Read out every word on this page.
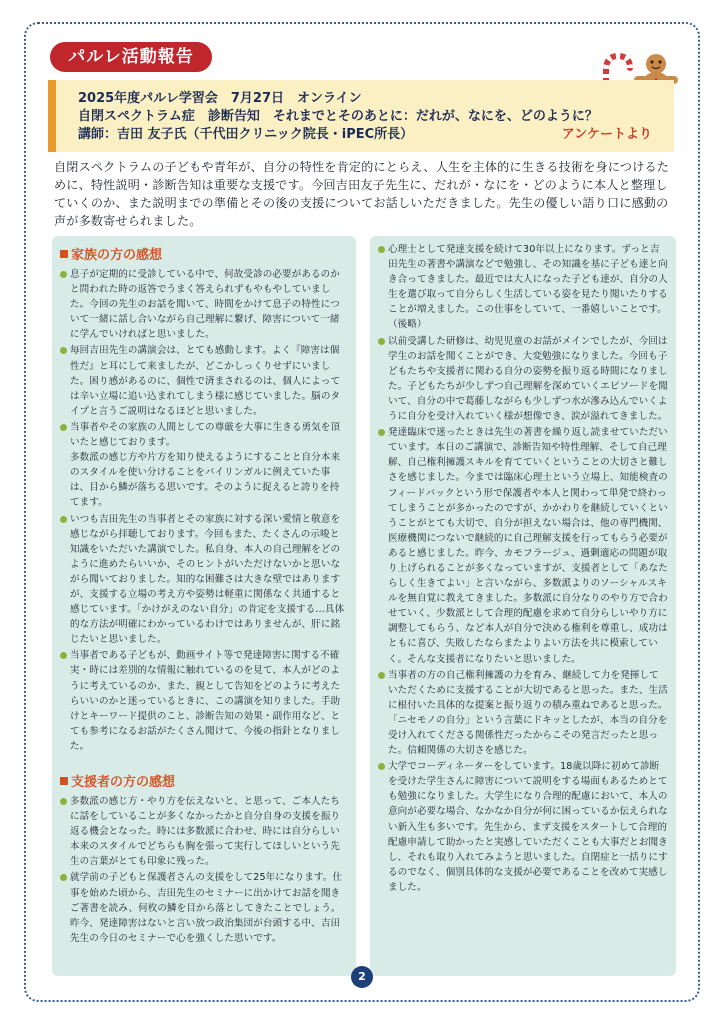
パルレ活動報告
2025年度パルレ学習会　7月27日　オンライン
自閉スペクトラム症　診断告知　それまでとそのあとに：だれが、なにを、どのように？
講師：吉田 友子氏（千代田クリニック院長・iPEC所長）	アンケートより
自閉スペクトラムの子どもや青年が、自分の特性を肯定的にとらえ、人生を主体的に生きる技術を身につけるために、特性説明・診断告知は重要な支援です。今回吉田友子先生に、だれが・なにを・どのように本人と整理していくのか、また説明までの準備とその後の支援についてお話しいただきました。先生の優しい語り口に感動の声が多数寄せられました。
家族の方の感想

息子が定期的に受診している中で、何故受診の必要があるのかと問われた時の返答でうまく答えられずもやもやしていました。今回の先生のお話を聞いて、時間をかけて息子の特性について一緒に話し合いながら自己理解に繋げ、障害について一緒に学んでいければと思いました。

毎回吉田先生の講演会は、とても感動します。よく『障害は個性だ』と耳にして来ましたが、どこかしっくりせずにいました。困り感があるのに、個性で済まされるのは、個人によっては辛い立場に追い込まれてしまう様に感じていました。脳のタイプと言うご説明はなるほどと思いました。

当事者やその家族の人間としての尊厳を大事に生きる勇気を頂いたと感じております。

多数派の感じ方や片方を知り使えるようにすることと自分本来のスタイルを使い分けることをバイリンガルに例えていた事は、目から鱗が落ちる思いです。そのように捉えると誇りを持てます。

いつも吉田先生の当事者とその家族に対する深い愛情と敬意を感じながら拝聴しております。今回もまた、たくさんの示唆と知識をいただいた講演でした。私自身、本人の自己理解をどのように進めたらいいか、そのヒントがいただけないかと思いながら聞いておりました。知的な困難さは大きな壁ではありますが、支援する立場の考え方や姿勢は軽重に関係なく共通すると感じています。「かけがえのない自分」の肯定を支援する…具体的な方法が明確にわかっているわけではありませんが、肝に銘じたいと思いました。

当事者である子どもが、動画サイト等で発達障害に関する不確実・時には差別的な情報に触れているのを見て、本人がどのように考えているのか、また、親として告知をどのように考えたらいいのかと迷っているときに、この講演を知りました。手助けとキーワード提供のこと、診断告知の効果・副作用など、とても参考になるお話がたくさん聞けて、今後の指針となりました。

支援者の方の感想

多数派の感じ方・やり方を伝えないと、と思って、ご本人たちに話をしていることが多くなかったかと自分自身の支援を振り返る機会となった。時には多数派に合わせ、時には自分らしい本来のスタイルでどちらも胸を張って実行してほしいという先生の言葉がとても印象に残った。

就学前の子どもと保護者さんの支援をして25年になります。仕事を始めた頃から、吉田先生のセミナーに出かけてお話を聞きご著書を読み、何枚の鱗を目から落としてきたことでしょう。昨今、発達障害はないと言い放つ政治集団が台頭する中、吉田先生の今日のセミナーで心を強くした思いです。

心理士として発達支援を続けて30年以上になります。ずっと吉田先生の著書や講演などで勉強し、その知識を基に子ども達と向き合ってきました。最近では大人になった子ども達が、自分の人生を選び取って自分らしく生活している姿を見たり聞いたりすることが増えました。この仕事をしていて、一番嬉しいことです。（後略）

以前受講した研修は、幼児児童のお話がメインでしたが、今回は学生のお話を聞くことができ、大変勉強になりました。今回も子どもたちや支援者に関わる自分の姿勢を振り返る時間になりました。子どもたちが少しずつ自己理解を深めていくエピソードを聞いて、自分の中で葛藤しながらも少しずつ水が滲み込んでいくように自分を受け入れていく様が想像でき、涙が溢れてきました。

発達臨床で迷ったときは先生の著書を繰り返し読ませていただいています。本日のご講演で、診断告知や特性理解、そして自己理解、自己権利擁護スキルを育てていくということの大切さと難しさを感じました。今までは臨床心理士という立場上、知能検査のフィードバックという形で保護者や本人と関わって単発で終わってしまうことが多かったのですが、かかわりを継続していくということがとても大切で、自分が担えない場合は、他の専門機関、医療機関につないで継続的に自己理解支援を行ってもらう必要があると感じました。昨今、カモフラージュ、過剰適応の問題が取り上げられることが多くなっていますが、支援者として「あなたらしく生きてよい」と言いながら、多数派よりのソーシャルスキルを無自覚に教えてきました。多数派に自分なりのやり方で合わせていく、少数派として合理的配慮を求めて自分らしいやり方に調整してもらう、など本人が自分で決める権利を尊重し、成功はともに喜び、失敗したならまたよりよい方法を共に模索していく。そんな支援者になりたいと思いました。

当事者の方の自己権利擁護の力を育み、継続して力を発揮していただくために支援することが大切であると思った。また、生活に根付いた具体的な提案と振り返りの積み重ねであると思った。「ニセモノの自分」という言葉にドキッとしたが、本当の自分を受け入れてくださる関係性だったからこその発言だったと思った。信頼関係の大切さを感じた。

大学でコーディネーターをしています。18歳以降に初めて診断を受けた学生さんに障害について説明をする場面もあるためとても勉強になりました。大学生になり合理的配慮において、本人の意向が必要な場合、なかなか自分が何に困っているか伝えられない新入生も多いです。先生から、まず支援をスタートして合理的配慮申請して助かったと実感していただくことも大事だとお聞きし、それも取り入れてみようと思いました。自閉症と一括りにするのでなく、個別具体的な支援が必要であることを改めて実感しました。

2
